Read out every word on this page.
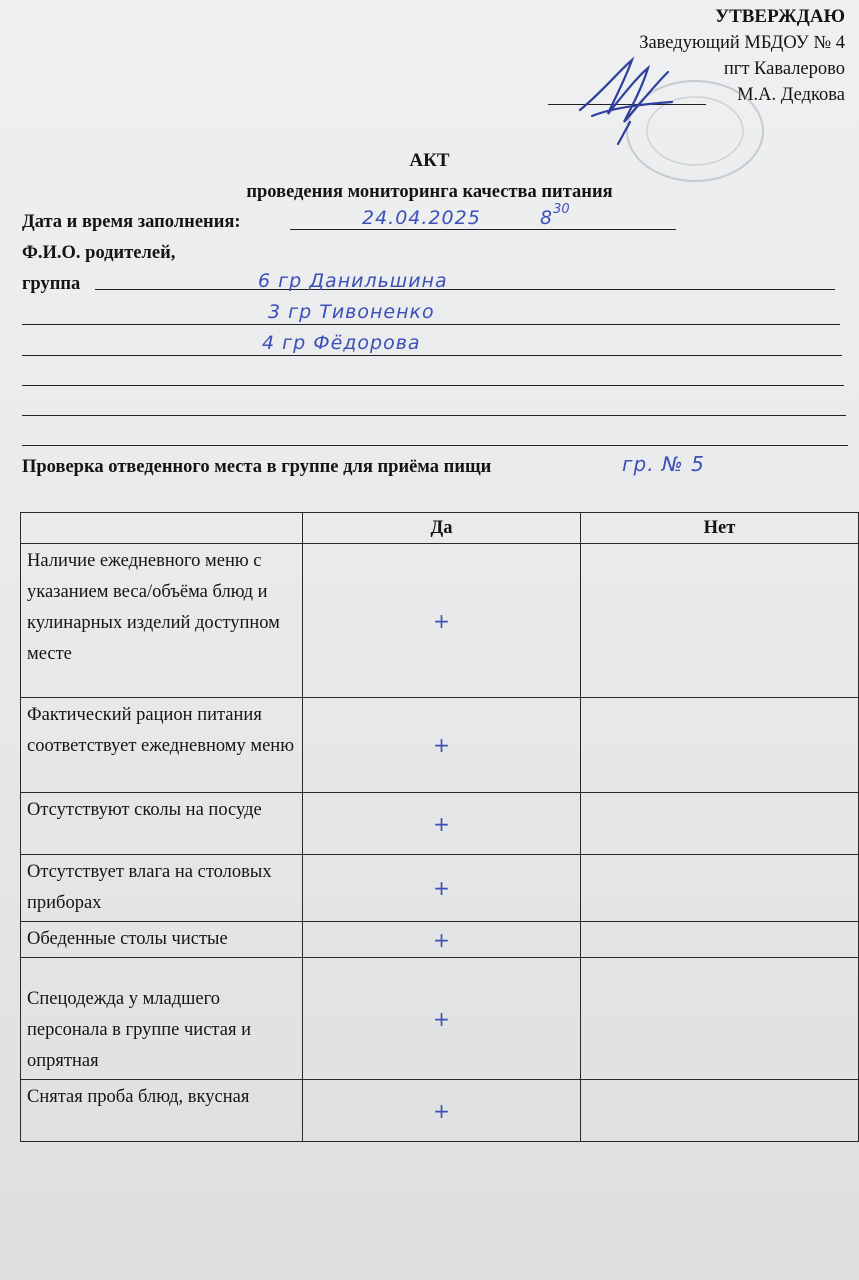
УТВЕРЖДАЮ
Заведующий МБДОУ № 4
пгт Кавалерово
М.А. Дедкова
АКТ
проведения мониторинга качества питания
Дата и время заполнения:	24.04.2025	$8^{30}$
Ф.И.О. родителей,
группа	6 гр Данильшина
3 гр Тивоненко
4 гр Фёдорова
Проверка отведенного места в группе для приёма пищи	гр. № 5
	Да	Нет
Наличие ежедневного меню с указанием веса/объёма блюд и кулинарных изделий доступном месте	+	
Фактический рацион питания соответствует ежедневному меню	+	
Отсутствуют сколы на посуде	+	
Отсутствует влага на столовых приборах	+	
Обеденные столы чистые	+	
Спецодежда у младшего персонала в группе чистая и опрятная	+	
Снятая проба блюд, вкусная	+	
